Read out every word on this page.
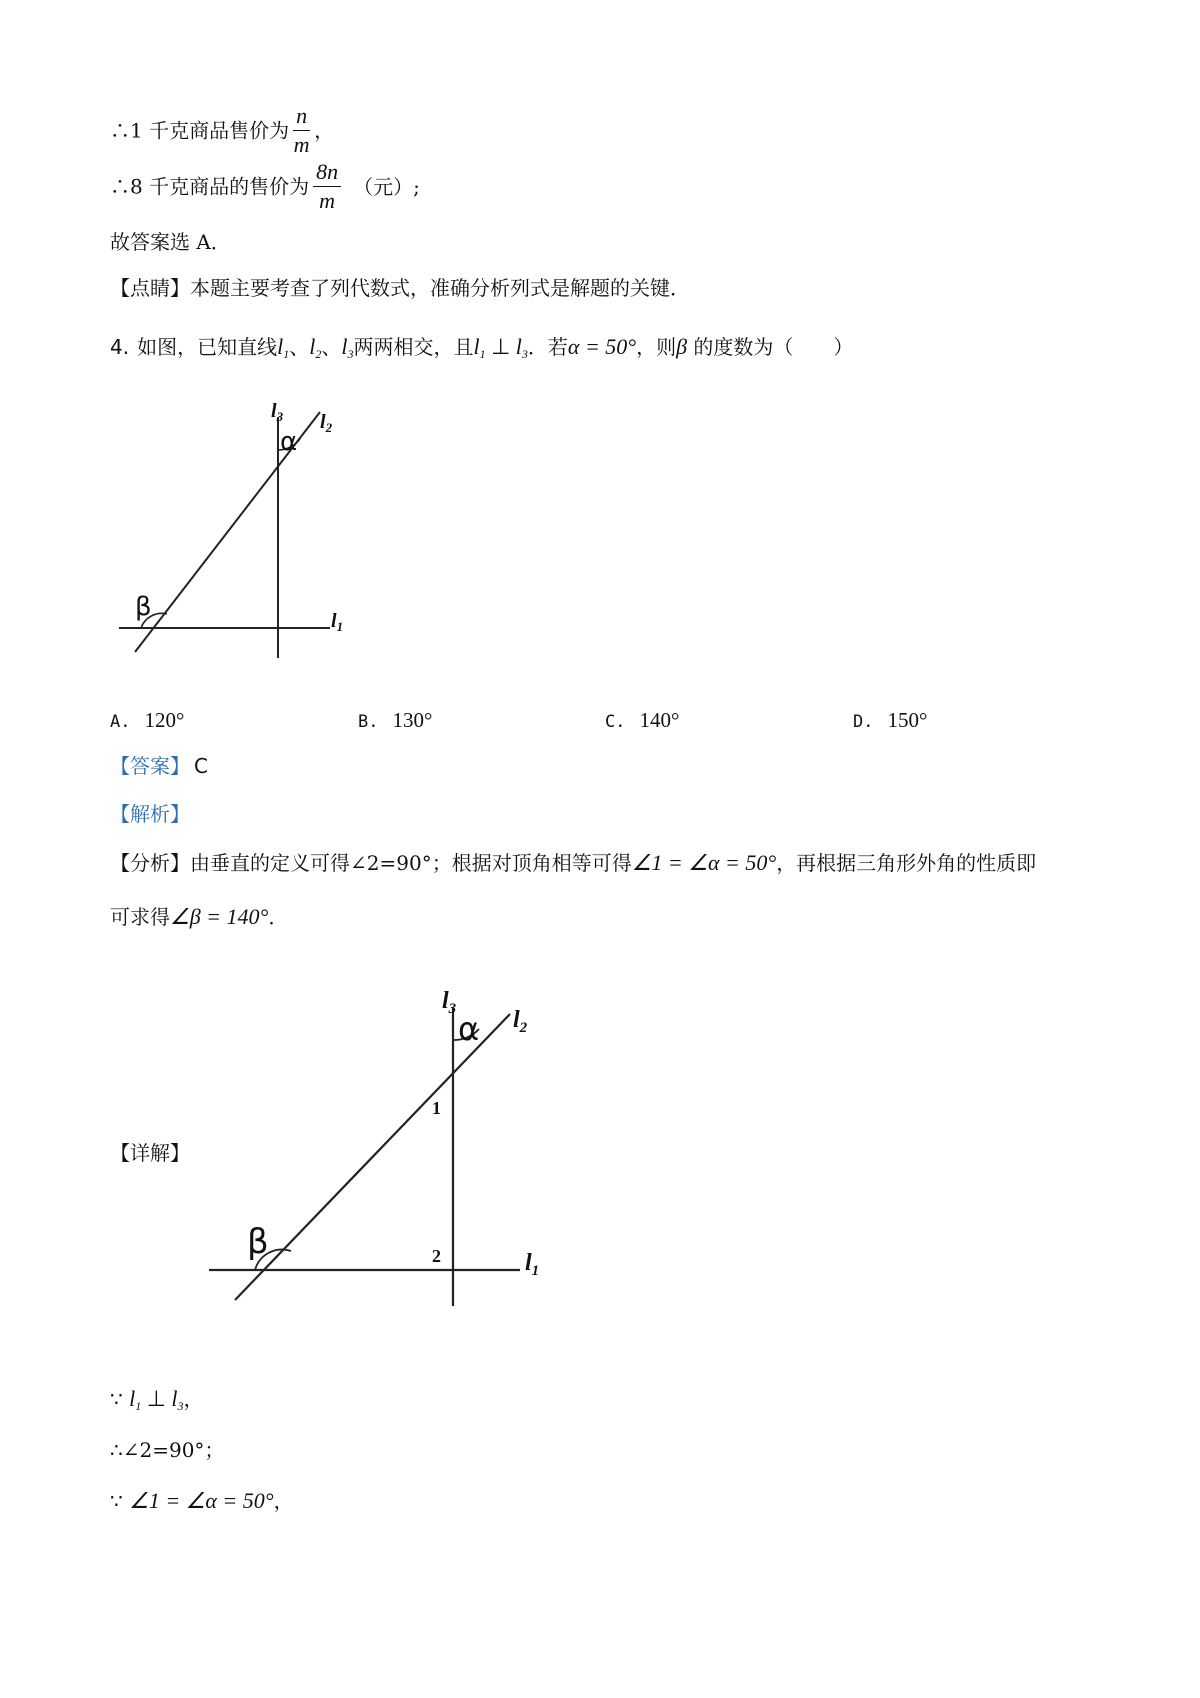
∴1 千克商品售价为 $\frac{n}{m}$ ，
∴8 千克商品的售价为 $\frac{8n}{m}$ （元）;
故答案选 A．
【点睛】本题主要考查了列代数式，准确分析列式是解题的关键．
4. 如图，已知直线$l_1$、$l_2$、$l_3$两两相交，且$l_1$ ⊥ $l_3$．若α = 50°，则β 的度数为（　　）
α
β
$l_3$ $l_2$
$l_1$
A. 120°	B. 130°	C. 140°	D. 150°
【答案】 C
【解析】
【分析】由垂直的定义可得∠2=90°；根据对顶角相等可得∠1 = ∠α = 50°，再根据三角形外角的性质即
可求得∠β = 140°．
【详解】
α
β
$l_3$ $l_2$
$l_1$
1
2
∵ $l_1$ ⊥ $l_3$，
∴∠2=90°；
∵ ∠1 = ∠α = 50°，
